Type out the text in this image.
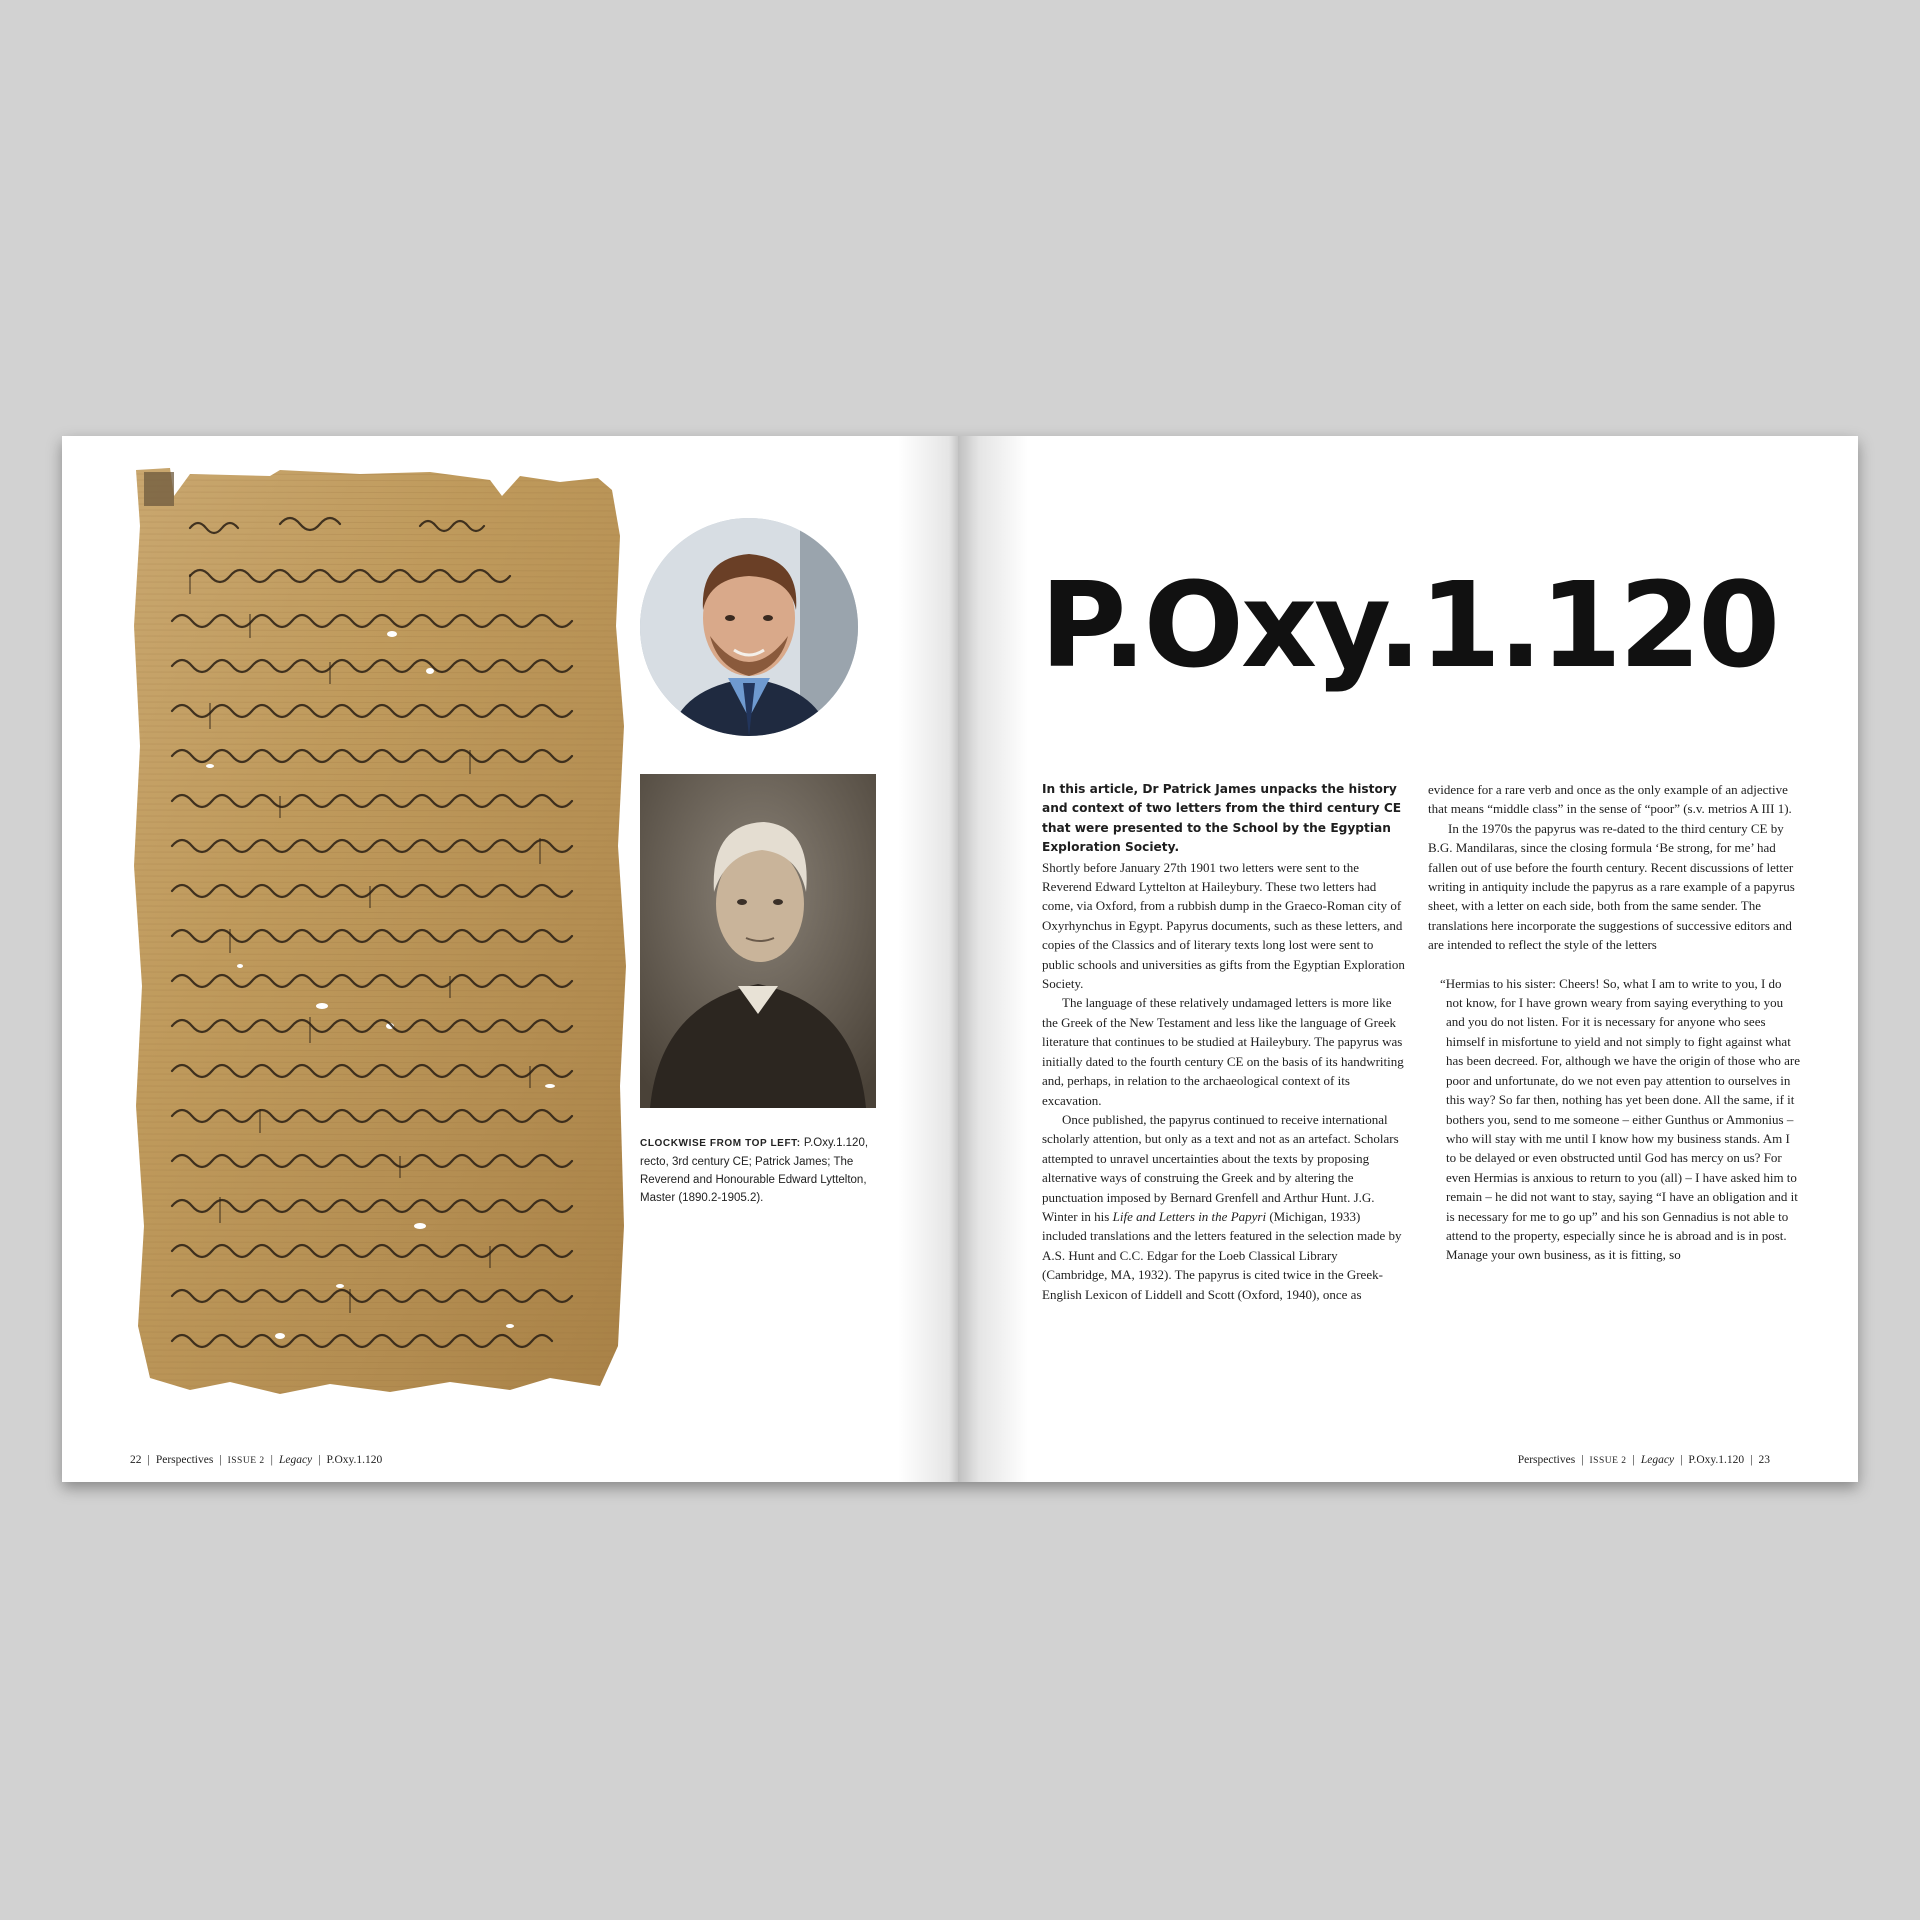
CLOCKWISE FROM TOP LEFT: P.Oxy.1.120, recto, 3rd century CE; Patrick James; The Reverend and Honourable Edward Lyttelton, Master (1890.2-1905.2).
22 | Perspectives | ISSUE 2 | Legacy | P.Oxy.1.120
P.Oxy.1.120

In this article, Dr Patrick James unpacks the history and context of two letters from the third century CE that were presented to the School by the Egyptian Exploration Society.

Shortly before January 27th 1901 two letters were sent to the Reverend Edward Lyttelton at Haileybury. These two letters had come, via Oxford, from a rubbish dump in the Graeco-Roman city of Oxyrhynchus in Egypt. Papyrus documents, such as these letters, and copies of the Classics and of literary texts long lost were sent to public schools and universities as gifts from the Egyptian Exploration Society.

The language of these relatively undamaged letters is more like the Greek of the New Testament and less like the language of Greek literature that continues to be studied at Haileybury. The papyrus was initially dated to the fourth century CE on the basis of its handwriting and, perhaps, in relation to the archaeological context of its excavation.

Once published, the papyrus continued to receive international scholarly attention, but only as a text and not as an artefact. Scholars attempted to unravel uncertainties about the texts by proposing alternative ways of construing the Greek and by altering the punctuation imposed by Bernard Grenfell and Arthur Hunt. J.G. Winter in his Life and Letters in the Papyri (Michigan, 1933) included translations and the letters featured in the selection made by A.S. Hunt and C.C. Edgar for the Loeb Classical Library (Cambridge, MA, 1932). The papyrus is cited twice in the Greek-English Lexicon of Liddell and Scott (Oxford, 1940), once as

evidence for a rare verb and once as the only example of an adjective that means “middle class” in the sense of “poor” (s.v. metrios A III 1).

In the 1970s the papyrus was re-dated to the third century CE by B.G. Mandilaras, since the closing formula ‘Be strong, for me’ had fallen out of use before the fourth century. Recent discussions of letter writing in antiquity include the papyrus as a rare example of a papyrus sheet, with a letter on each side, both from the same sender. The translations here incorporate the suggestions of successive editors and are intended to reflect the style of the letters

“Hermias to his sister: Cheers! So, what I am to write to you, I do not know, for I have grown weary from saying everything to you and you do not listen. For it is necessary for anyone who sees himself in misfortune to yield and not simply to fight against what has been decreed. For, although we have the origin of those who are poor and unfortunate, do we not even pay attention to ourselves in this way? So far then, nothing has yet been done. All the same, if it bothers you, send to me someone – either Gunthus or Ammonius – who will stay with me until I know how my business stands. Am I to be delayed or even obstructed until God has mercy on us? For even Hermias is anxious to return to you (all) – I have asked him to remain – he did not want to stay, saying “I have an obligation and it is necessary for me to go up” and his son Gennadius is not able to attend to the property, especially since he is abroad and is in post. Manage your own business, as it is fitting, so

Perspectives | ISSUE 2 | Legacy | P.Oxy.1.120 | 23
